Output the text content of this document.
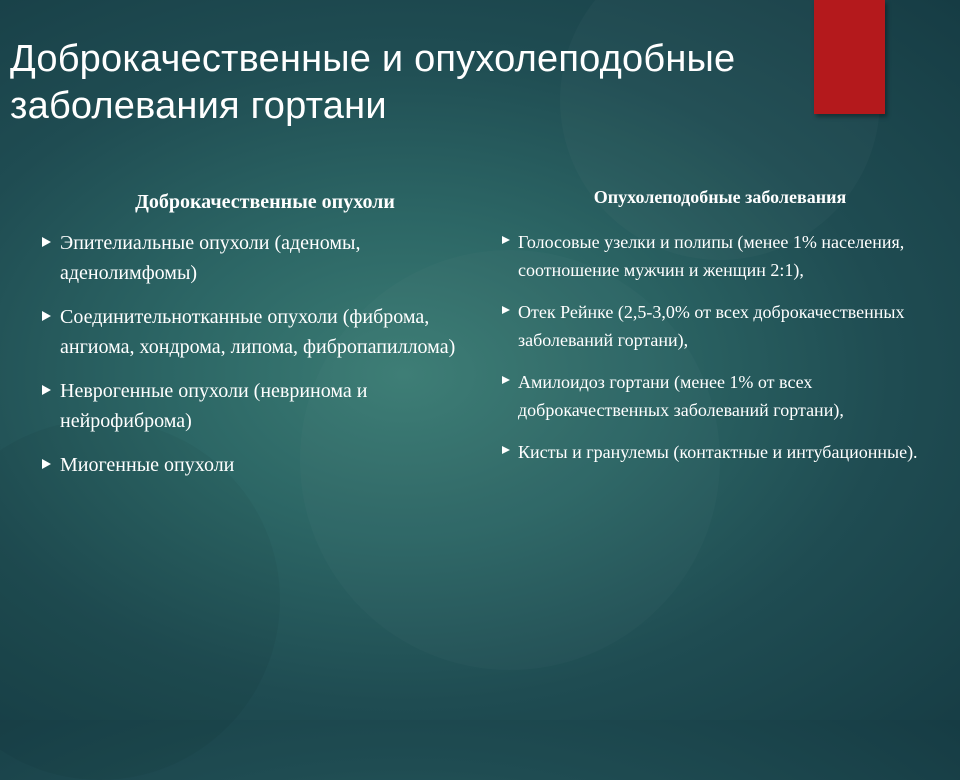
Доброкачественные и опухолеподобные
заболевания гортани
Доброкачественные опухоли
Эпителиальные опухоли (аденомы, аденолимфомы)
Соединительнотканные опухоли (фиброма, ангиома, хондрома, липома, фибропапиллома)
Неврогенные опухоли (невринома и нейрофиброма)
Миогенные опухоли
Опухолеподобные заболевания
Голосовые узелки и полипы (менее 1% населения, соотношение мужчин и женщин 2:1),
Отек Рейнке (2,5-3,0% от всех доброкачественных заболеваний гортани),
Амилоидоз гортани (менее 1% от всех доброкачественных заболеваний гортани),
Кисты и гранулемы (контактные и интубационные).
